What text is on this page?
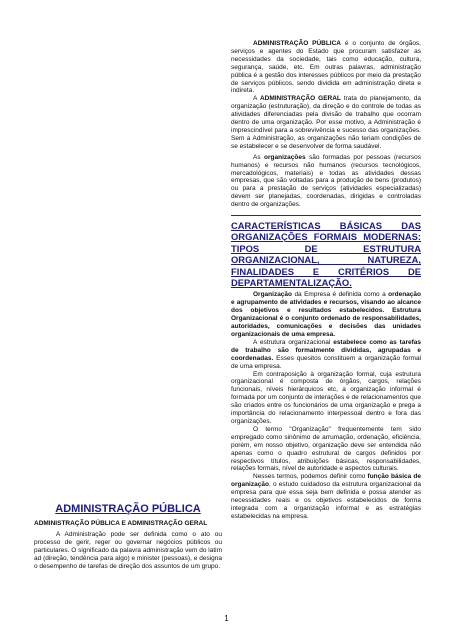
ADMINISTRAÇÃO PÚBLICA

ADMINISTRAÇÃO PÚBLICA E ADMINISTRAÇÃO GERAL

A Administração pode ser definida como o ato ou processo de gerir, reger ou governar negócios públicos ou particulares. O significado da palavra administração vem do latim ad (direção, tendência para algo) e minister (pessoas), e designa o desempenho de tarefas de direção dos assuntos de um grupo.

ADMINISTRAÇÃO PÚBLICA é o conjunto de órgãos, serviços e agentes do Estado que procuram satisfazer as necessidades da sociedade, tais como educação, cultura, segurança, saúde, etc. Em outras palavras, administração pública é a gestão dos interesses públicos por meio da prestação de serviços públicos, sendo dividida em administração direta e indireta.

A ADMINISTRAÇÃO GERAL trata do planejamento, da organização (estruturação), da direção e do controle de todas as atividades diferenciadas pela divisão de trabalho que ocorram dentro de uma organização. Por esse motivo, a Administração é imprescindível para a sobrevivência e sucesso das organizações. Sem a Administração, as organizações não teriam condições de se estabelecer e se desenvolver de forma saudável.

As organizações são formadas por pessoas (recursos humanos) e recursos não humanos (recursos tecnológicos, mercadológicos, materiais) e todas as atividades dessas empresas, que são voltadas para a produção de bens (produtos) ou para a prestação de serviços (atividades especializadas) devem ser planejadas, coordenadas, dirigidas e controladas dentro de organizações.

CARACTERÍSTICAS BÁSICAS DAS ORGANIZAÇÕES FORMAIS MODERNAS: TIPOS DE ESTRUTURA ORGANIZACIONAL, NATUREZA, FINALIDADES E CRITÉRIOS DE
DEPARTAMENTALIZAÇÃO.

Organização da Empresa é definida como a ordenação e agrupamento de atividades e recursos, visando ao alcance dos objetivos e resultados estabelecidos. Estrutura Organizacional é o conjunto ordenado de responsabilidades, autoridades, comunicações e decisões das unidades organizacionais de uma empresa.

A estrutura organizacional estabelece como as tarefas de trabalho são formalmente divididas, agrupadas e coordenadas. Esses quesitos constituem a organização formal de uma empresa.

Em contraposição à organização formal, cuja estrutura organizacional é composta de órgãos, cargos, relações funcionais, níveis hierárquicos etc, a organização informal é formada por um conjunto de interações e de relacionamentos que são criados entre os funcionários de uma organização e prega a importância do relacionamento interpessoal dentro e fora das organizações.

O termo "Organização" frequentemente tem sido empregado como sinônimo de arrumação, ordenação, eficiência, porém, em nosso objetivo, organização deve ser entendida não apenas como o quadro estrutural de cargos definidos por respectivos títulos, atribuições básicas, responsabilidades, relações formais, nível de autoridade e aspectos culturais.

Nesses termos, podemos definir como função básica de organização, o estudo cuidadoso da estrutura organizacional da empresa para que essa seja bem definida e possa atender as necessidades reais e os objetivos estabelecidos de forma integrada com a organização informal e as estratégias estabelecidas na empresa.

1
